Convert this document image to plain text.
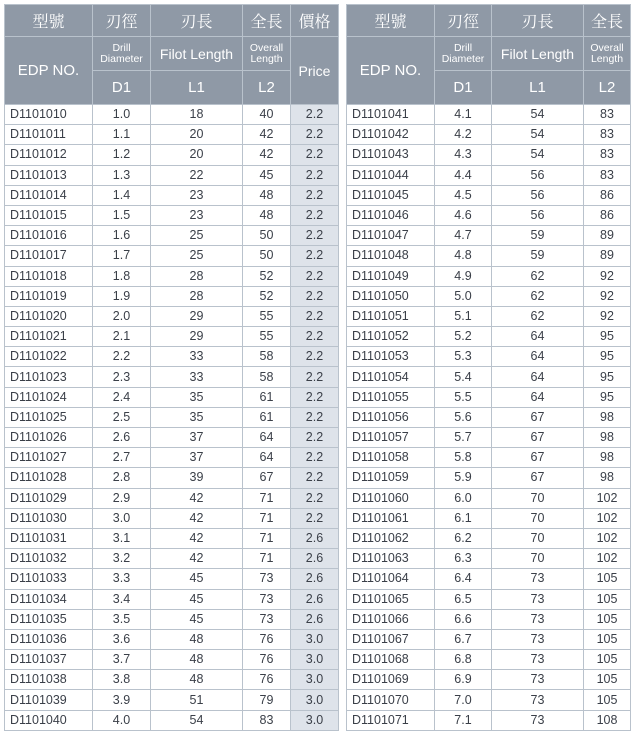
型號	刃徑	刃長	全長	價格
EDP NO.	Drill Diameter	Filot Length	Overall Length	Price
	D1	L1	L2	
D1101010	1.0	18	40	2.2
D1101011	1.1	20	42	2.2
D1101012	1.2	20	42	2.2
D1101013	1.3	22	45	2.2
D1101014	1.4	23	48	2.2
D1101015	1.5	23	48	2.2
D1101016	1.6	25	50	2.2
D1101017	1.7	25	50	2.2
D1101018	1.8	28	52	2.2
D1101019	1.9	28	52	2.2
D1101020	2.0	29	55	2.2
D1101021	2.1	29	55	2.2
D1101022	2.2	33	58	2.2
D1101023	2.3	33	58	2.2
D1101024	2.4	35	61	2.2
D1101025	2.5	35	61	2.2
D1101026	2.6	37	64	2.2
D1101027	2.7	37	64	2.2
D1101028	2.8	39	67	2.2
D1101029	2.9	42	71	2.2
D1101030	3.0	42	71	2.2
D1101031	3.1	42	71	2.6
D1101032	3.2	42	71	2.6
D1101033	3.3	45	73	2.6
D1101034	3.4	45	73	2.6
D1101035	3.5	45	73	2.6
D1101036	3.6	48	76	3.0
D1101037	3.7	48	76	3.0
D1101038	3.8	48	76	3.0
D1101039	3.9	51	79	3.0
D1101040	4.0	54	83	3.0
型號	刃徑	刃長	全長
EDP NO.	Drill Diameter	Filot Length	Overall Length
	D1	L1	L2
D1101041	4.1	54	83
D1101042	4.2	54	83
D1101043	4.3	54	83
D1101044	4.4	56	83
D1101045	4.5	56	86
D1101046	4.6	56	86
D1101047	4.7	59	89
D1101048	4.8	59	89
D1101049	4.9	62	92
D1101050	5.0	62	92
D1101051	5.1	62	92
D1101052	5.2	64	95
D1101053	5.3	64	95
D1101054	5.4	64	95
D1101055	5.5	64	95
D1101056	5.6	67	98
D1101057	5.7	67	98
D1101058	5.8	67	98
D1101059	5.9	67	98
D1101060	6.0	70	102
D1101061	6.1	70	102
D1101062	6.2	70	102
D1101063	6.3	70	102
D1101064	6.4	73	105
D1101065	6.5	73	105
D1101066	6.6	73	105
D1101067	6.7	73	105
D1101068	6.8	73	105
D1101069	6.9	73	105
D1101070	7.0	73	105
D1101071	7.1	73	108
